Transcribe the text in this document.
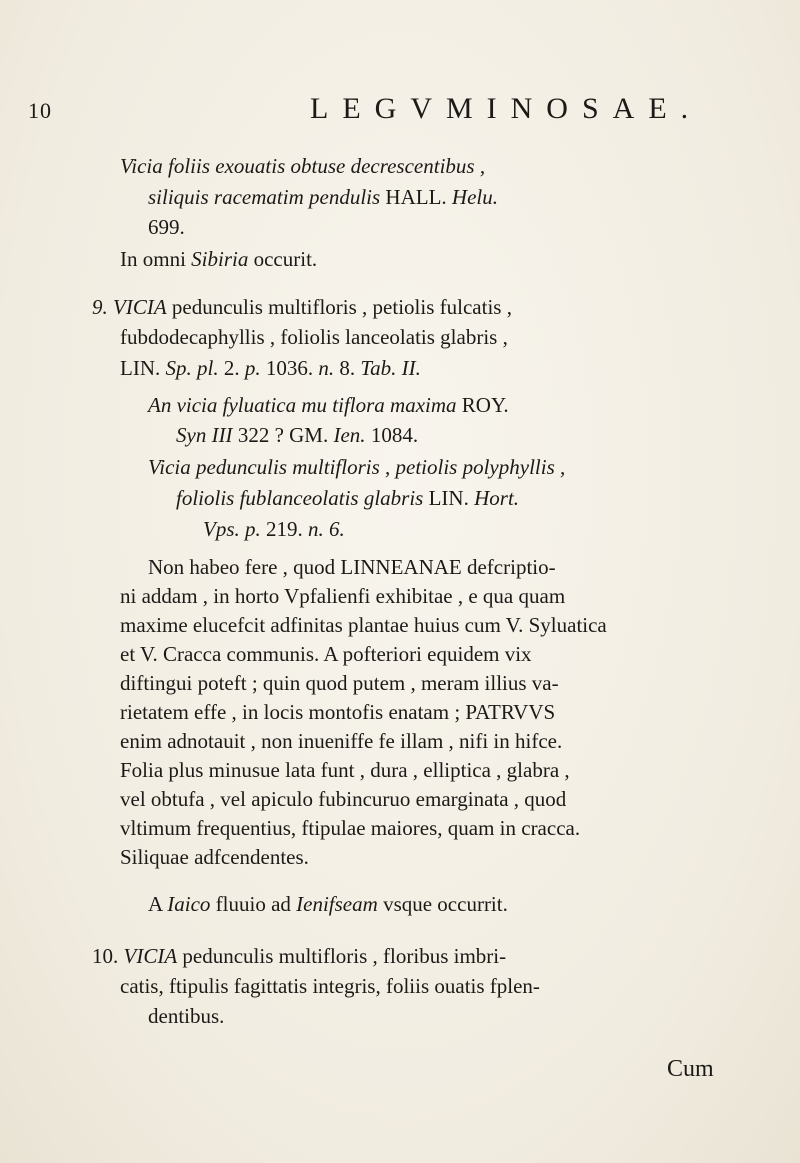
10	LEGVMINOSAE.
Vicia foliis exouatis obtuse decrescentibus ,
siliquis racematim pendulis HALL. Helu.
699.
In omni Sibiria occurit.
9. VICIA pedunculis multifloris , petiolis fulcatis ,
fubdodecaphyllis , foliolis lanceolatis glabris ,
LIN. Sp. pl. 2. p. 1036. n. 8. Tab. II.
An vicia fyluatica mu tiflora maxima ROY.
Syn III 322 ? GM. Ien. 1084.
Vicia pedunculis multifloris , petiolis polyphyllis ,
foliolis fublanceolatis glabris LIN. Hort.
Vps. p. 219. n. 6.
Non habeo fere , quod LINNEANAE defcriptio-
ni addam , in horto Vpfalienfi exhibitae , e qua quam
maxime elucefcit adfinitas plantae huius cum V. Syluatica
et V. Cracca communis. A pofteriori equidem vix
diftingui poteft ; quin quod putem , meram illius va-
rietatem effe , in locis montofis enatam ; PATRVVS
enim adnotauit , non inueniffe fe illam , nifi in hifce.
Folia plus minusue lata funt , dura , elliptica , glabra ,
vel obtufa , vel apiculo fubincuruo emarginata , quod
vltimum frequentius, ftipulae maiores, quam in cracca.
Siliquae adfcendentes.
A Iaico fluuio ad Ienifseam vsque occurrit.
10. VICIA pedunculis multifloris , floribus imbri-
catis, ftipulis fagittatis integris, foliis ouatis fplen-
dentibus.
Cum
